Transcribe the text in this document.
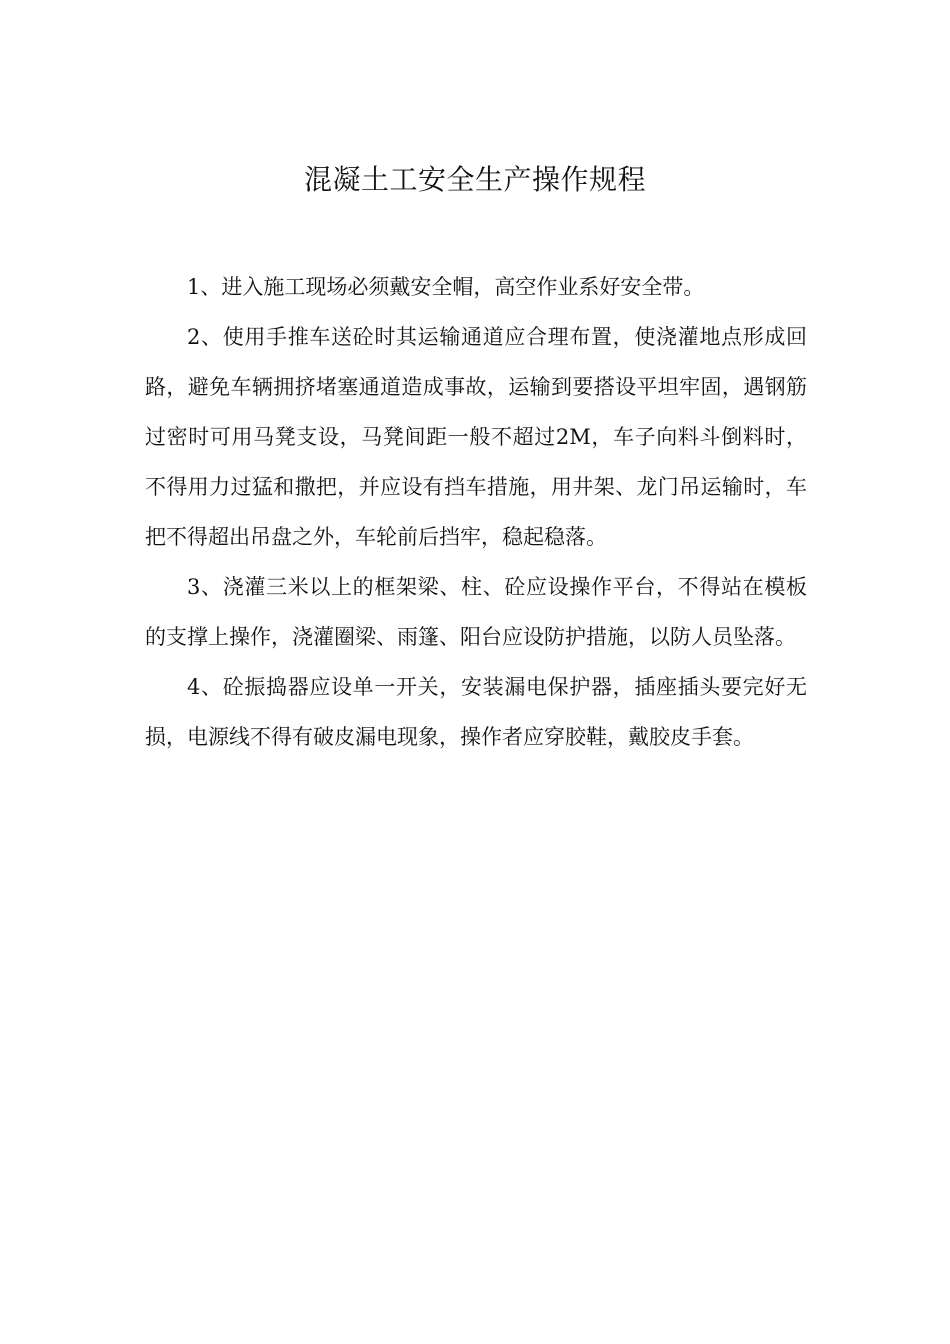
混凝土工安全生产操作规程

1、进入施工现场必须戴安全帽，高空作业系好安全带。

2、使用手推车送砼时其运输通道应合理布置，使浇灌地点形成回路，避免车辆拥挤堵塞通道造成事故，运输到要搭设平坦牢固，遇钢筋过密时可用马凳支设，马凳间距一般不超过2M，车子向料斗倒料时，不得用力过猛和撒把，并应设有挡车措施，用井架、龙门吊运输时，车把不得超出吊盘之外，车轮前后挡牢，稳起稳落。

3、浇灌三米以上的框架梁、柱、砼应设操作平台，不得站在模板的支撑上操作，浇灌圈梁、雨篷、阳台应设防护措施，以防人员坠落。

4、砼振捣器应设单一开关，安装漏电保护器，插座插头要完好无损，电源线不得有破皮漏电现象，操作者应穿胶鞋，戴胶皮手套。
